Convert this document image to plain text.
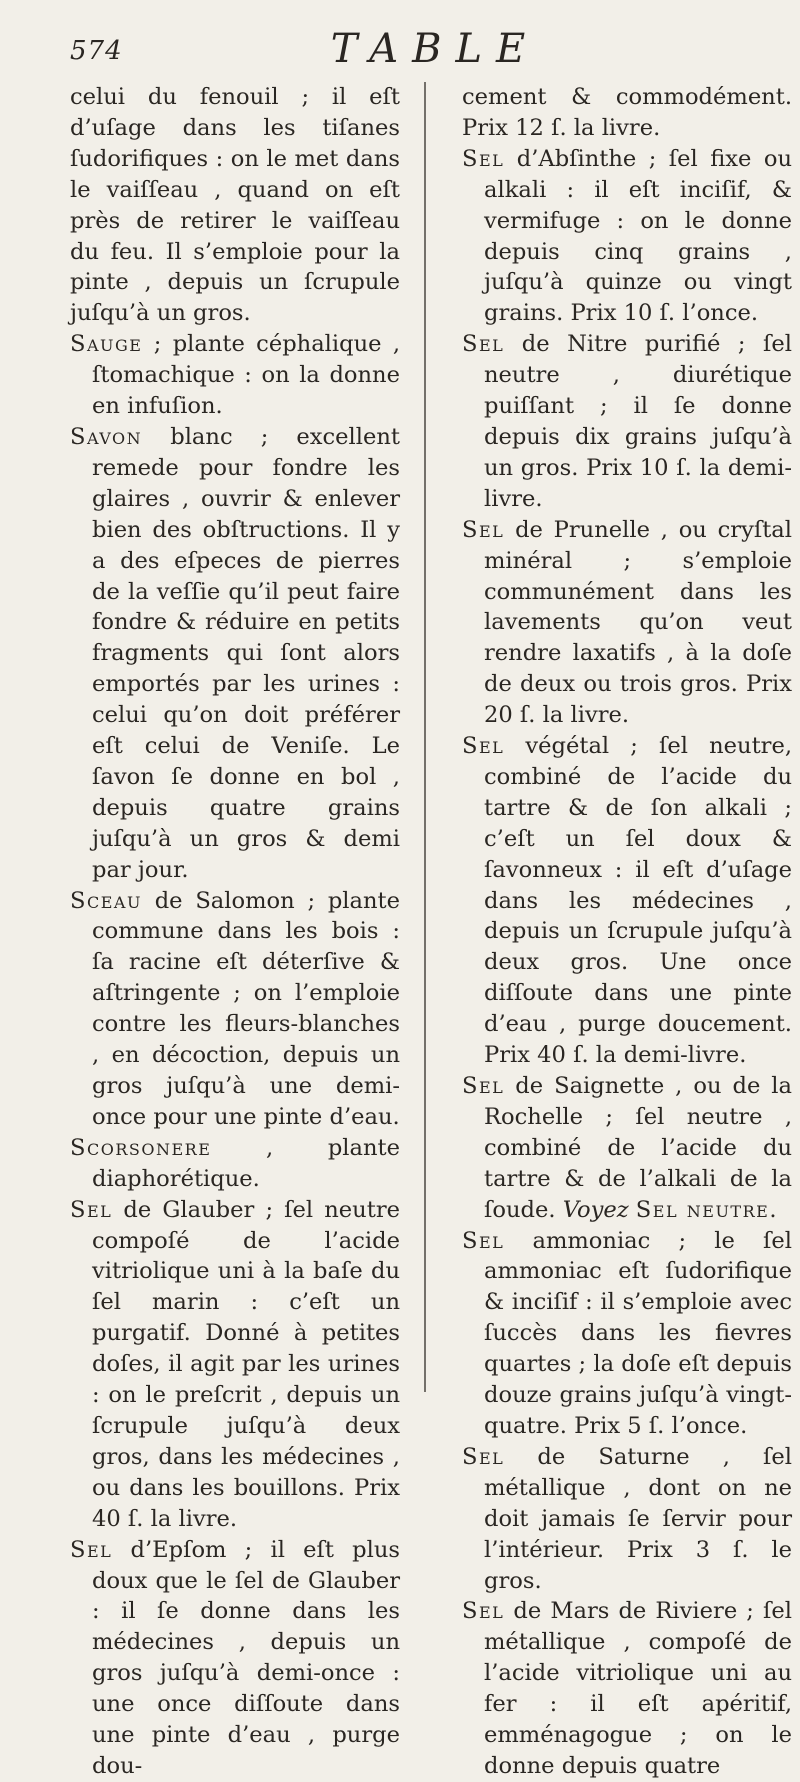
574	TABLE

celui du fenouil ; il eſt d’uſage dans les tiſanes ſudorifiques : on le met dans le vaiſſeau , quand on eſt près de retirer le vaiſſeau du feu. Il s’emploie pour la pinte , depuis un ſcrupule juſqu’à un gros.

Sauge ; plante céphalique , ſtomachique : on la donne en infuſion.

Savon blanc ; excellent remede pour fondre les glaires , ouvrir & enlever bien des obſtructions. Il y a des eſpeces de pierres de la veſſie qu’il peut faire fondre & réduire en petits fragments qui ſont alors emportés par les urines : celui qu’on doit préférer eſt celui de Veniſe. Le ſavon ſe donne en bol , depuis quatre grains juſqu’à un gros & demi par jour.

Sceau de Salomon ; plante commune dans les bois : ſa racine eſt déterſive & aſtringente ; on l’emploie contre les fleurs-blanches , en décoction, depuis un gros juſqu’à une demi-once pour une pinte d’eau.

Scorsonere , plante diaphorétique.

Sel de Glauber ; ſel neutre compoſé de l’acide vitriolique uni à la baſe du ſel marin : c’eſt un purgatif. Donné à petites doſes, il agit par les urines : on le preſcrit , depuis un ſcrupule juſqu’à deux gros, dans les médecines , ou dans les bouillons. Prix 40 ſ. la livre.

Sel d’Epſom ; il eſt plus doux que le ſel de Glauber : il ſe donne dans les médecines , depuis un gros juſqu’à demi-once : une once diſſoute dans une pinte d’eau , purge dou-

cement & commodément. Prix 12 ſ. la livre.

Sel d’Abſinthe ; ſel fixe ou alkali : il eſt inciſif, & vermifuge : on le donne depuis cinq grains , juſqu’à quinze ou vingt grains. Prix 10 ſ. l’once.

Sel de Nitre purifié ; ſel neutre , diurétique puiſſant ; il ſe donne depuis dix grains juſqu’à un gros. Prix 10 ſ. la demi-livre.

Sel de Prunelle , ou cryſtal minéral ; s’emploie communément dans les lavements qu’on veut rendre laxatifs , à la doſe de deux ou trois gros. Prix 20 ſ. la livre.

Sel végétal ; ſel neutre, combiné de l’acide du tartre & de ſon alkali ; c’eſt un ſel doux & ſavonneux : il eſt d’uſage dans les médecines , depuis un ſcrupule juſqu’à deux gros. Une once diſſoute dans une pinte d’eau , purge doucement. Prix 40 ſ. la demi-livre.

Sel de Saignette , ou de la Rochelle ; ſel neutre , combiné de l’acide du tartre & de l’alkali de la ſoude. Voyez Sel neutre.

Sel ammoniac ; le ſel ammoniac eſt ſudorifique & inciſif : il s’emploie avec ſuccès dans les fievres quartes ; la doſe eſt depuis douze grains juſqu’à vingt-quatre. Prix 5 ſ. l’once.

Sel de Saturne , ſel métallique , dont on ne doit jamais ſe ſervir pour l’intérieur. Prix 3 ſ. le gros.

Sel de Mars de Riviere ; ſel métallique , compoſé de l’acide vitriolique uni au fer : il eſt apéritif, emménagogue ; on le donne depuis quatre
